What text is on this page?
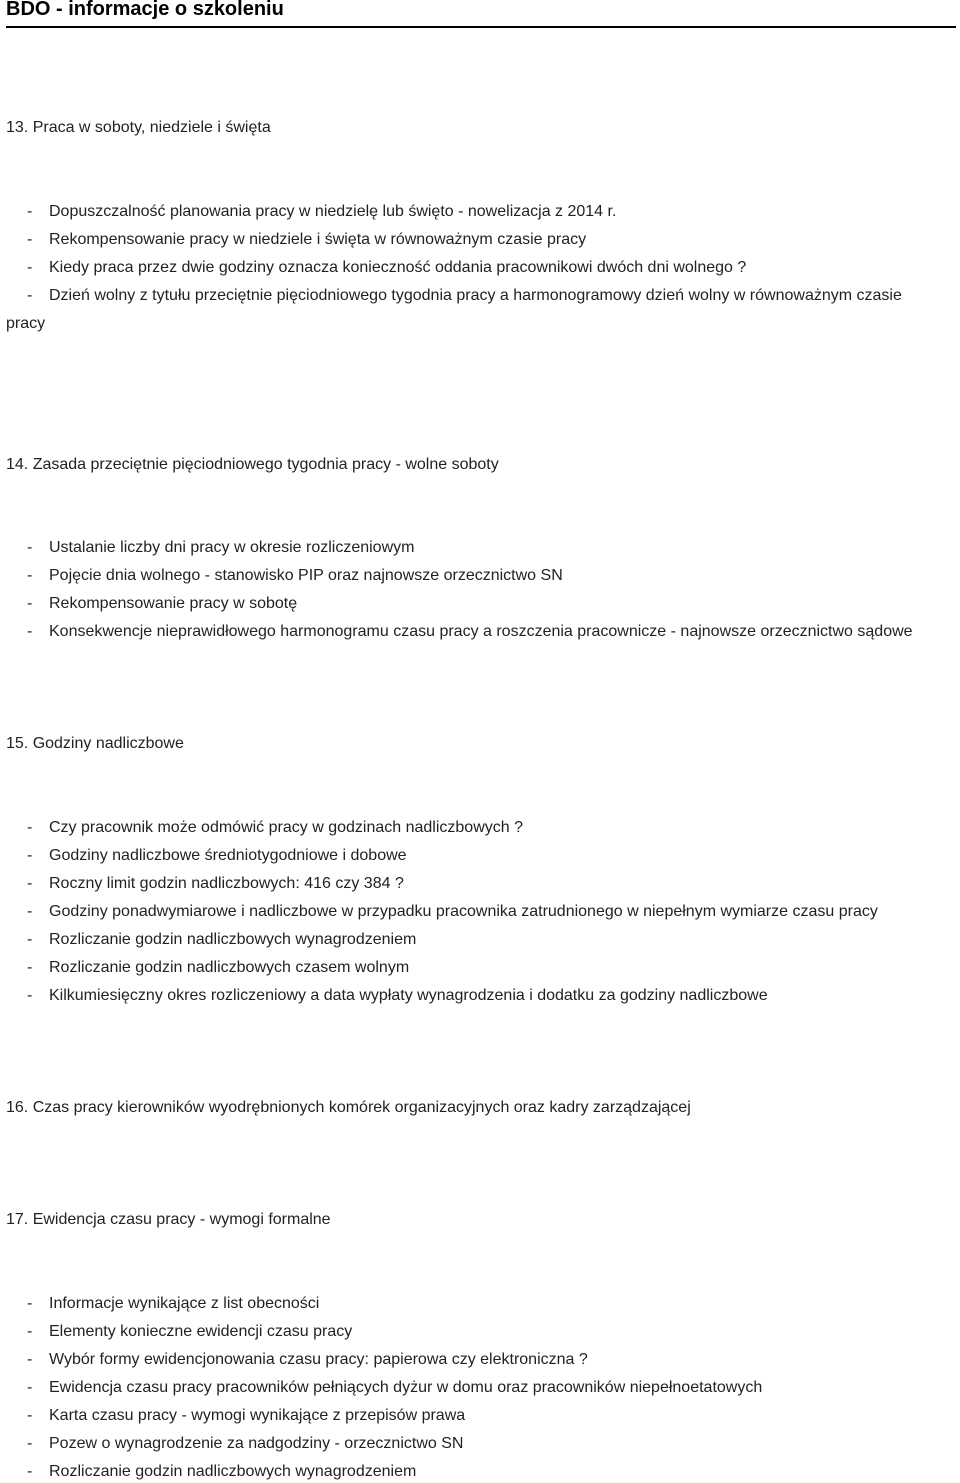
BDO - informacje o szkoleniu
13. Praca w soboty, niedziele i święta
- Dopuszczalność planowania pracy w niedzielę lub święto - nowelizacja z 2014 r.
- Rekompensowanie pracy w niedziele i święta w równoważnym czasie pracy
- Kiedy praca przez dwie godziny oznacza konieczność oddania pracownikowi dwóch dni wolnego ?
- Dzień wolny z tytułu przeciętnie pięciodniowego tygodnia pracy a harmonogramowy dzień wolny w równoważnym czasie
pracy
14. Zasada przeciętnie pięciodniowego tygodnia pracy - wolne soboty
- Ustalanie liczby dni pracy w okresie rozliczeniowym
- Pojęcie dnia wolnego - stanowisko PIP oraz najnowsze orzecznictwo SN
- Rekompensowanie pracy w sobotę
- Konsekwencje nieprawidłowego harmonogramu czasu pracy a roszczenia pracownicze - najnowsze orzecznictwo sądowe
15. Godziny nadliczbowe
- Czy pracownik może odmówić pracy w godzinach nadliczbowych ?
- Godziny nadliczbowe średniotygodniowe i dobowe
- Roczny limit godzin nadliczbowych: 416 czy 384 ?
- Godziny ponadwymiarowe i nadliczbowe w przypadku pracownika zatrudnionego w niepełnym wymiarze czasu pracy
- Rozliczanie godzin nadliczbowych wynagrodzeniem
- Rozliczanie godzin nadliczbowych czasem wolnym
- Kilkumiesięczny okres rozliczeniowy a data wypłaty wynagrodzenia i dodatku za godziny nadliczbowe
16. Czas pracy kierowników wyodrębnionych komórek organizacyjnych oraz kadry zarządzającej
17. Ewidencja czasu pracy - wymogi formalne
- Informacje wynikające z list obecności
- Elementy konieczne ewidencji czasu pracy
- Wybór formy ewidencjonowania czasu pracy: papierowa czy elektroniczna ?
- Ewidencja czasu pracy pracowników pełniących dyżur w domu oraz pracowników niepełnoetatowych
- Karta czasu pracy - wymogi wynikające z przepisów prawa
- Pozew o wynagrodzenie za nadgodziny - orzecznictwo SN
- Rozliczanie godzin nadliczbowych wynagrodzeniem
